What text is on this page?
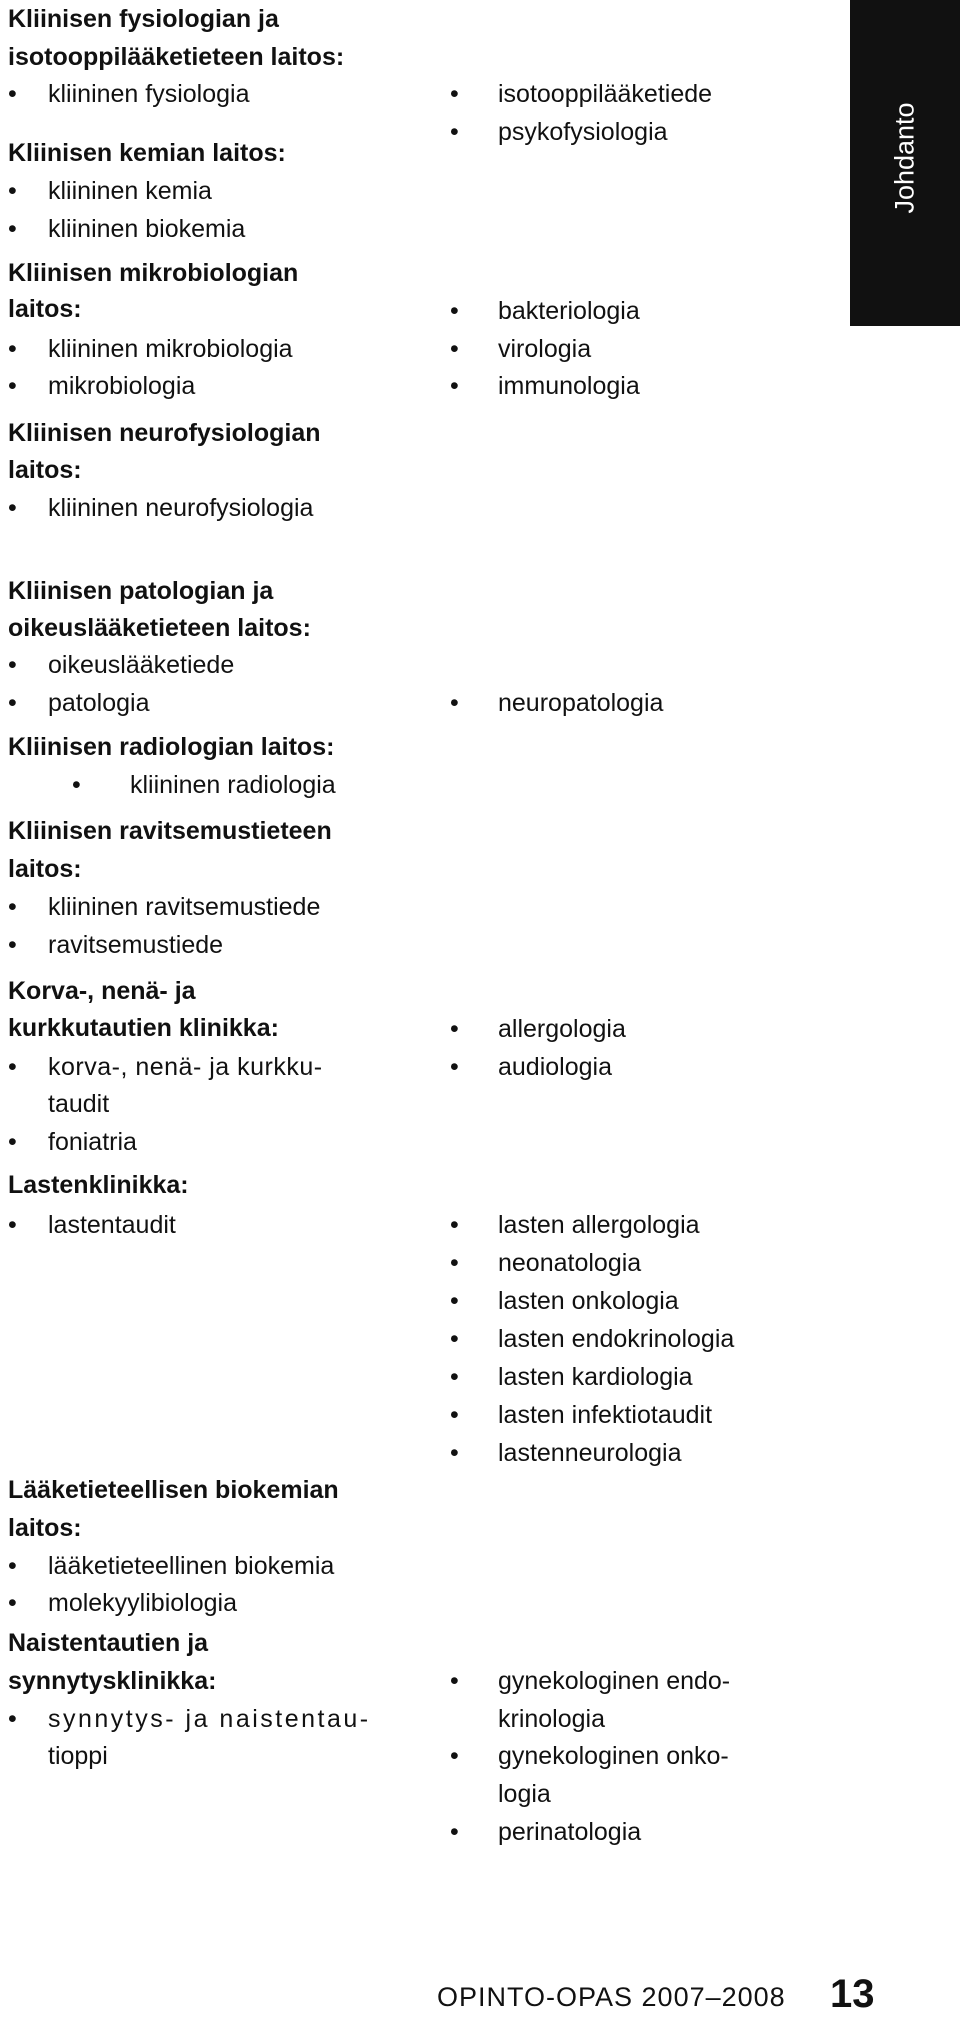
Johdanto
Kliinisen fysiologian ja
isotooppilääketieteen laitos:
• kliininen fysiologia
Kliinisen kemian laitos:
• kliininen kemia
• kliininen biokemia
Kliinisen mikrobiologian
laitos:
• kliininen mikrobiologia
• mikrobiologia
Kliinisen neurofysiologian
laitos:
• kliininen neurofysiologia
Kliinisen patologian ja
oikeuslääketieteen laitos:
• oikeuslääketiede
• patologia
Kliinisen radiologian laitos:
• kliininen radiologia
Kliinisen ravitsemustieteen
laitos:
• kliininen ravitsemustiede
• ravitsemustiede
Korva-, nenä- ja
kurkkutautien klinikka:
• korva-, nenä- ja kurkku-
taudit
• foniatria
Lastenklinikka:
• lastentaudit
Lääketieteellisen biokemian
laitos:
• lääketieteellinen biokemia
• molekyylibiologia
Naistentautien ja
synnytysklinikka:
• synnytys- ja naistentau-
tioppi
• isotooppilääketiede
• psykofysiologia
• bakteriologia
• virologia
• immunologia
• neuropatologia
• allergologia
• audiologia
• lasten allergologia
• neonatologia
• lasten onkologia
• lasten endokrinologia
• lasten kardiologia
• lasten infektiotaudit
• lastenneurologia
• gynekologinen endo-
krinologia
• gynekologinen onko-
logia
• perinatologia
OPINTO-OPAS 2007–2008 13
